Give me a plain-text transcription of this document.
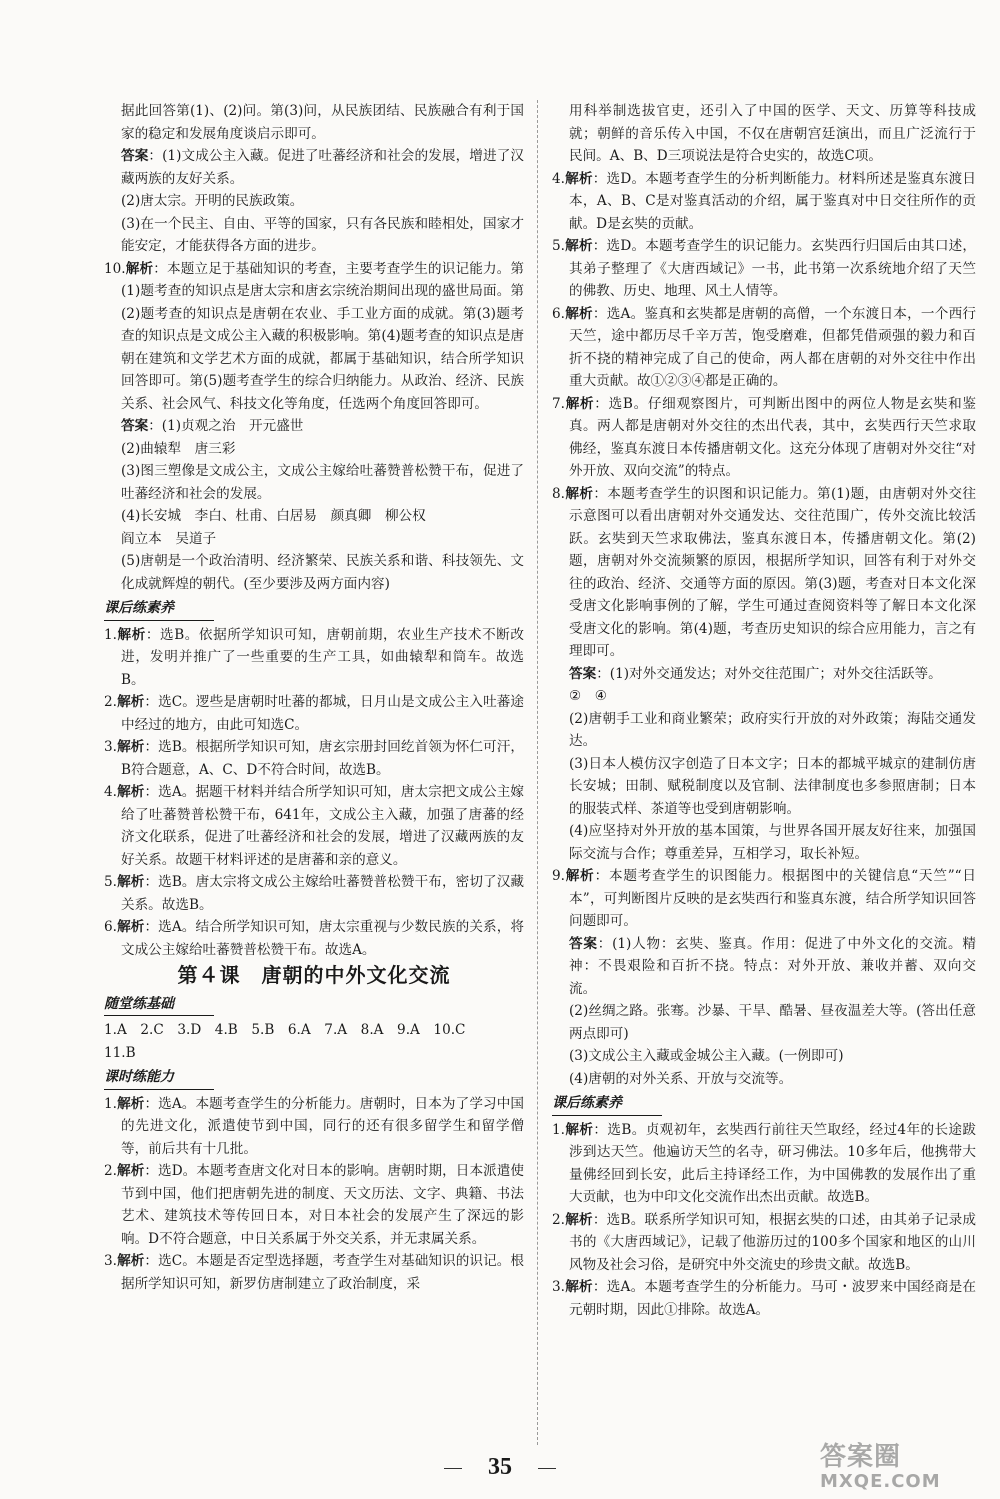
据此回答第(1)、(2)问。第(3)问，从民族团结、民族融合有利于国家的稳定和发展角度谈启示即可。

答案：(1)文成公主入藏。促进了吐蕃经济和社会的发展，增进了汉藏两族的友好关系。

(2)唐太宗。开明的民族政策。

(3)在一个民主、自由、平等的国家，只有各民族和睦相处，国家才能安定，才能获得各方面的进步。

10.解析：本题立足于基础知识的考查，主要考查学生的识记能力。第(1)题考查的知识点是唐太宗和唐玄宗统治期间出现的盛世局面。第(2)题考查的知识点是唐朝在农业、手工业方面的成就。第(3)题考查的知识点是文成公主入藏的积极影响。第(4)题考查的知识点是唐朝在建筑和文学艺术方面的成就，都属于基础知识，结合所学知识回答即可。第(5)题考查学生的综合归纳能力。从政治、经济、民族关系、社会风气、科技文化等角度，任选两个角度回答即可。

答案：(1)贞观之治　开元盛世

(2)曲辕犁　唐三彩

(3)图三塑像是文成公主，文成公主嫁给吐蕃赞普松赞干布，促进了吐蕃经济和社会的发展。

(4)长安城　李白、杜甫、白居易　颜真卿　柳公权

阎立本　吴道子

(5)唐朝是一个政治清明、经济繁荣、民族关系和谐、科技领先、文化成就辉煌的朝代。(至少要涉及两方面内容)

课后练素养

1.解析：选B。依据所学知识可知，唐朝前期，农业生产技术不断改进，发明并推广了一些重要的生产工具，如曲辕犁和筒车。故选B。

2.解析：选C。逻些是唐朝时吐蕃的都城，日月山是文成公主入吐蕃途中经过的地方，由此可知选C。

3.解析：选B。根据所学知识可知，唐玄宗册封回纥首领为怀仁可汗，B符合题意，A、C、D不符合时间，故选B。

4.解析：选A。据题干材料并结合所学知识可知，唐太宗把文成公主嫁给了吐蕃赞普松赞干布，641年，文成公主入藏，加强了唐蕃的经济文化联系，促进了吐蕃经济和社会的发展，增进了汉藏两族的友好关系。故题干材料评述的是唐蕃和亲的意义。

5.解析：选B。唐太宗将文成公主嫁给吐蕃赞普松赞干布，密切了汉藏关系。故选B。

6.解析：选A。结合所学知识可知，唐太宗重视与少数民族的关系，将文成公主嫁给吐蕃赞普松赞干布。故选A。

第４课　唐朝的中外文化交流
随堂练基础

1.A　2.C　3.D　4.B　5.B　6.A　7.A　8.A　9.A　10.C

11.B

课时练能力

1.解析：选A。本题考查学生的分析能力。唐朝时，日本为了学习中国的先进文化，派遣使节到中国，同行的还有很多留学生和留学僧等，前后共有十几批。

2.解析：选D。本题考查唐文化对日本的影响。唐朝时期，日本派遣使节到中国，他们把唐朝先进的制度、天文历法、文字、典籍、书法艺术、建筑技术等传回日本，对日本社会的发展产生了深远的影响。D不符合题意，中日关系属于外交关系，并无隶属关系。

3.解析：选C。本题是否定型选择题，考查学生对基础知识的识记。根据所学知识可知，新罗仿唐制建立了政治制度，采

用科举制选拔官吏，还引入了中国的医学、天文、历算等科技成就；朝鲜的音乐传入中国，不仅在唐朝宫廷演出，而且广泛流行于民间。A、B、D三项说法是符合史实的，故选C项。

4.解析：选D。本题考查学生的分析判断能力。材料所述是鉴真东渡日本，A、B、C是对鉴真活动的介绍，属于鉴真对中日交往所作的贡献。D是玄奘的贡献。

5.解析：选D。本题考查学生的识记能力。玄奘西行归国后由其口述，其弟子整理了《大唐西域记》一书，此书第一次系统地介绍了天竺的佛教、历史、地理、风土人情等。

6.解析：选A。鉴真和玄奘都是唐朝的高僧，一个东渡日本，一个西行天竺，途中都历尽千辛万苦，饱受磨难，但都凭借顽强的毅力和百折不挠的精神完成了自己的使命，两人都在唐朝的对外交往中作出重大贡献。故①②③④都是正确的。

7.解析：选B。仔细观察图片，可判断出图中的两位人物是玄奘和鉴真。两人都是唐朝对外交往的杰出代表，其中，玄奘西行天竺求取佛经，鉴真东渡日本传播唐朝文化。这充分体现了唐朝对外交往“对外开放、双向交流”的特点。

8.解析：本题考查学生的识图和识记能力。第(1)题，由唐朝对外交往示意图可以看出唐朝对外交通发达、交往范围广，传外交流比较活跃。玄奘到天竺求取佛法，鉴真东渡日本，传播唐朝文化。第(2)题，唐朝对外交流频繁的原因，根据所学知识，回答有利于对外交往的政治、经济、交通等方面的原因。第(3)题，考查对日本文化深受唐文化影响事例的了解，学生可通过查阅资料等了解日本文化深受唐文化的影响。第(4)题，考查历史知识的综合应用能力，言之有理即可。

答案：(1)对外交通发达；对外交往范围广；对外交往活跃等。

②　④

(2)唐朝手工业和商业繁荣；政府实行开放的对外政策；海陆交通发达。

(3)日本人模仿汉字创造了日本文字；日本的都城平城京的建制仿唐长安城；田制、赋税制度以及官制、法律制度也多参照唐制；日本的服装式样、茶道等也受到唐朝影响。

(4)应坚持对外开放的基本国策，与世界各国开展友好往来，加强国际交流与合作；尊重差异，互相学习，取长补短。

9.解析：本题考查学生的识图能力。根据图中的关键信息“天竺”“日本”，可判断图片反映的是玄奘西行和鉴真东渡，结合所学知识回答问题即可。

答案：(1)人物：玄奘、鉴真。作用：促进了中外文化的交流。精神：不畏艰险和百折不挠。特点：对外开放、兼收并蓄、双向交流。

(2)丝绸之路。张骞。沙暴、干旱、酷暑、昼夜温差大等。(答出任意两点即可)

(3)文成公主入藏或金城公主入藏。(一例即可)

(4)唐朝的对外关系、开放与交流等。

课后练素养

1.解析：选B。贞观初年，玄奘西行前往天竺取经，经过4年的长途跋涉到达天竺。他遍访天竺的名寺，研习佛法。10多年后，他携带大量佛经回到长安，此后主持译经工作，为中国佛教的发展作出了重大贡献，也为中印文化交流作出杰出贡献。故选B。

2.解析：选B。联系所学知识可知，根据玄奘的口述，由其弟子记录成书的《大唐西域记》，记载了他游历过的100多个国家和地区的山川风物及社会习俗，是研究中外交流史的珍贵文献。故选B。

3.解析：选A。本题考查学生的分析能力。马可・波罗来中国经商是在元朝时期，因此①排除。故选A。

35	答案圈
MXQE.COM
